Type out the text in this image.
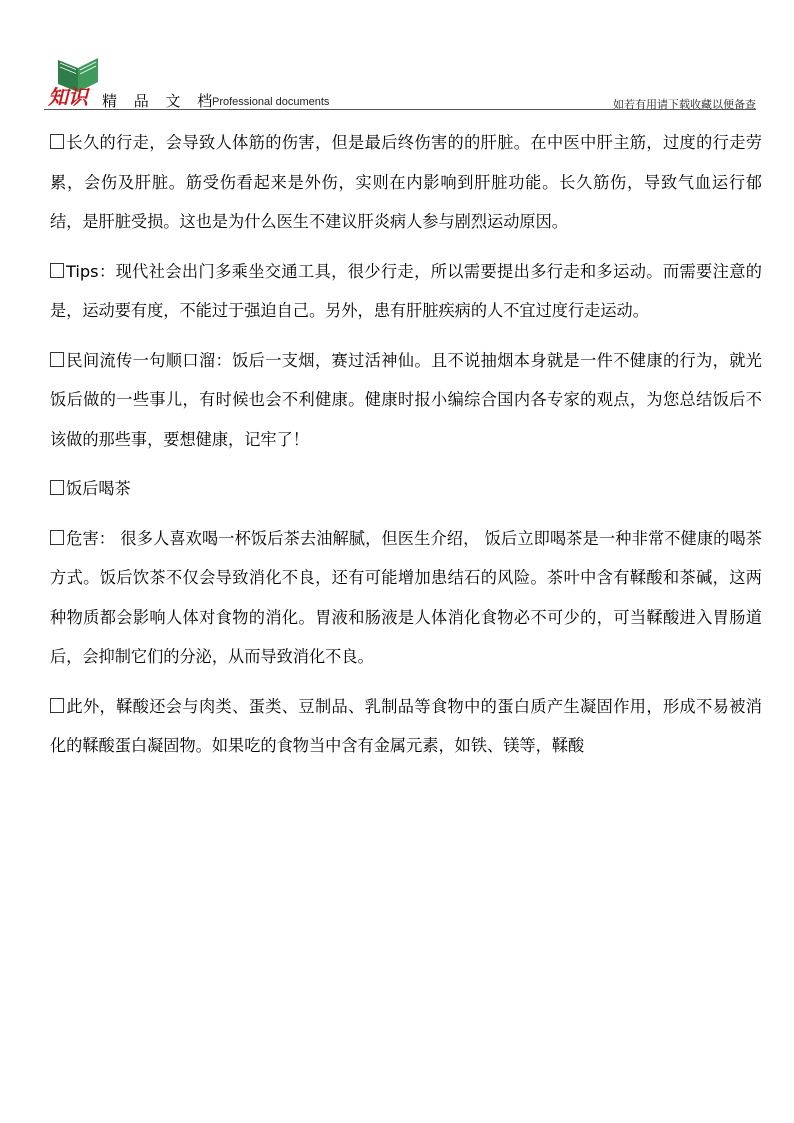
知识 精 品 文 档
Professional documents	如若有用请下载收藏以便备查

长久的行走，会导致人体筋的伤害，但是最后终伤害的的肝脏。在中医中肝主筋，过度的行走劳累，会伤及肝脏。筋受伤看起来是外伤，实则在内影响到肝脏功能。长久筋伤，导致气血运行郁结，是肝脏受损。这也是为什么医生不建议肝炎病人参与剧烈运动原因。

Tips：现代社会出门多乘坐交通工具，很少行走，所以需要提出多行走和多运动。而需要注意的是，运动要有度，不能过于强迫自己。另外，患有肝脏疾病的人不宜过度行走运动。

民间流传一句顺口溜：饭后一支烟，赛过活神仙。且不说抽烟本身就是一件不健康的行为，就光饭后做的一些事儿，有时候也会不利健康。健康时报小编综合国内各专家的观点，为您总结饭后不该做的那些事，要想健康，记牢了！

饭后喝茶

危害： 很多人喜欢喝一杯饭后茶去油解腻，但医生介绍， 饭后立即喝茶是一种非常不健康的喝茶方式。饭后饮茶不仅会导致消化不良，还有可能增加患结石的风险。茶叶中含有鞣酸和茶碱，这两种物质都会影响人体对食物的消化。胃液和肠液是人体消化食物必不可少的，可当鞣酸进入胃肠道后，会抑制它们的分泌，从而导致消化不良。

此外，鞣酸还会与肉类、蛋类、豆制品、乳制品等食物中的蛋白质产生凝固作用，形成不易被消化的鞣酸蛋白凝固物。如果吃的食物当中含有金属元素，如铁、镁等，鞣酸
